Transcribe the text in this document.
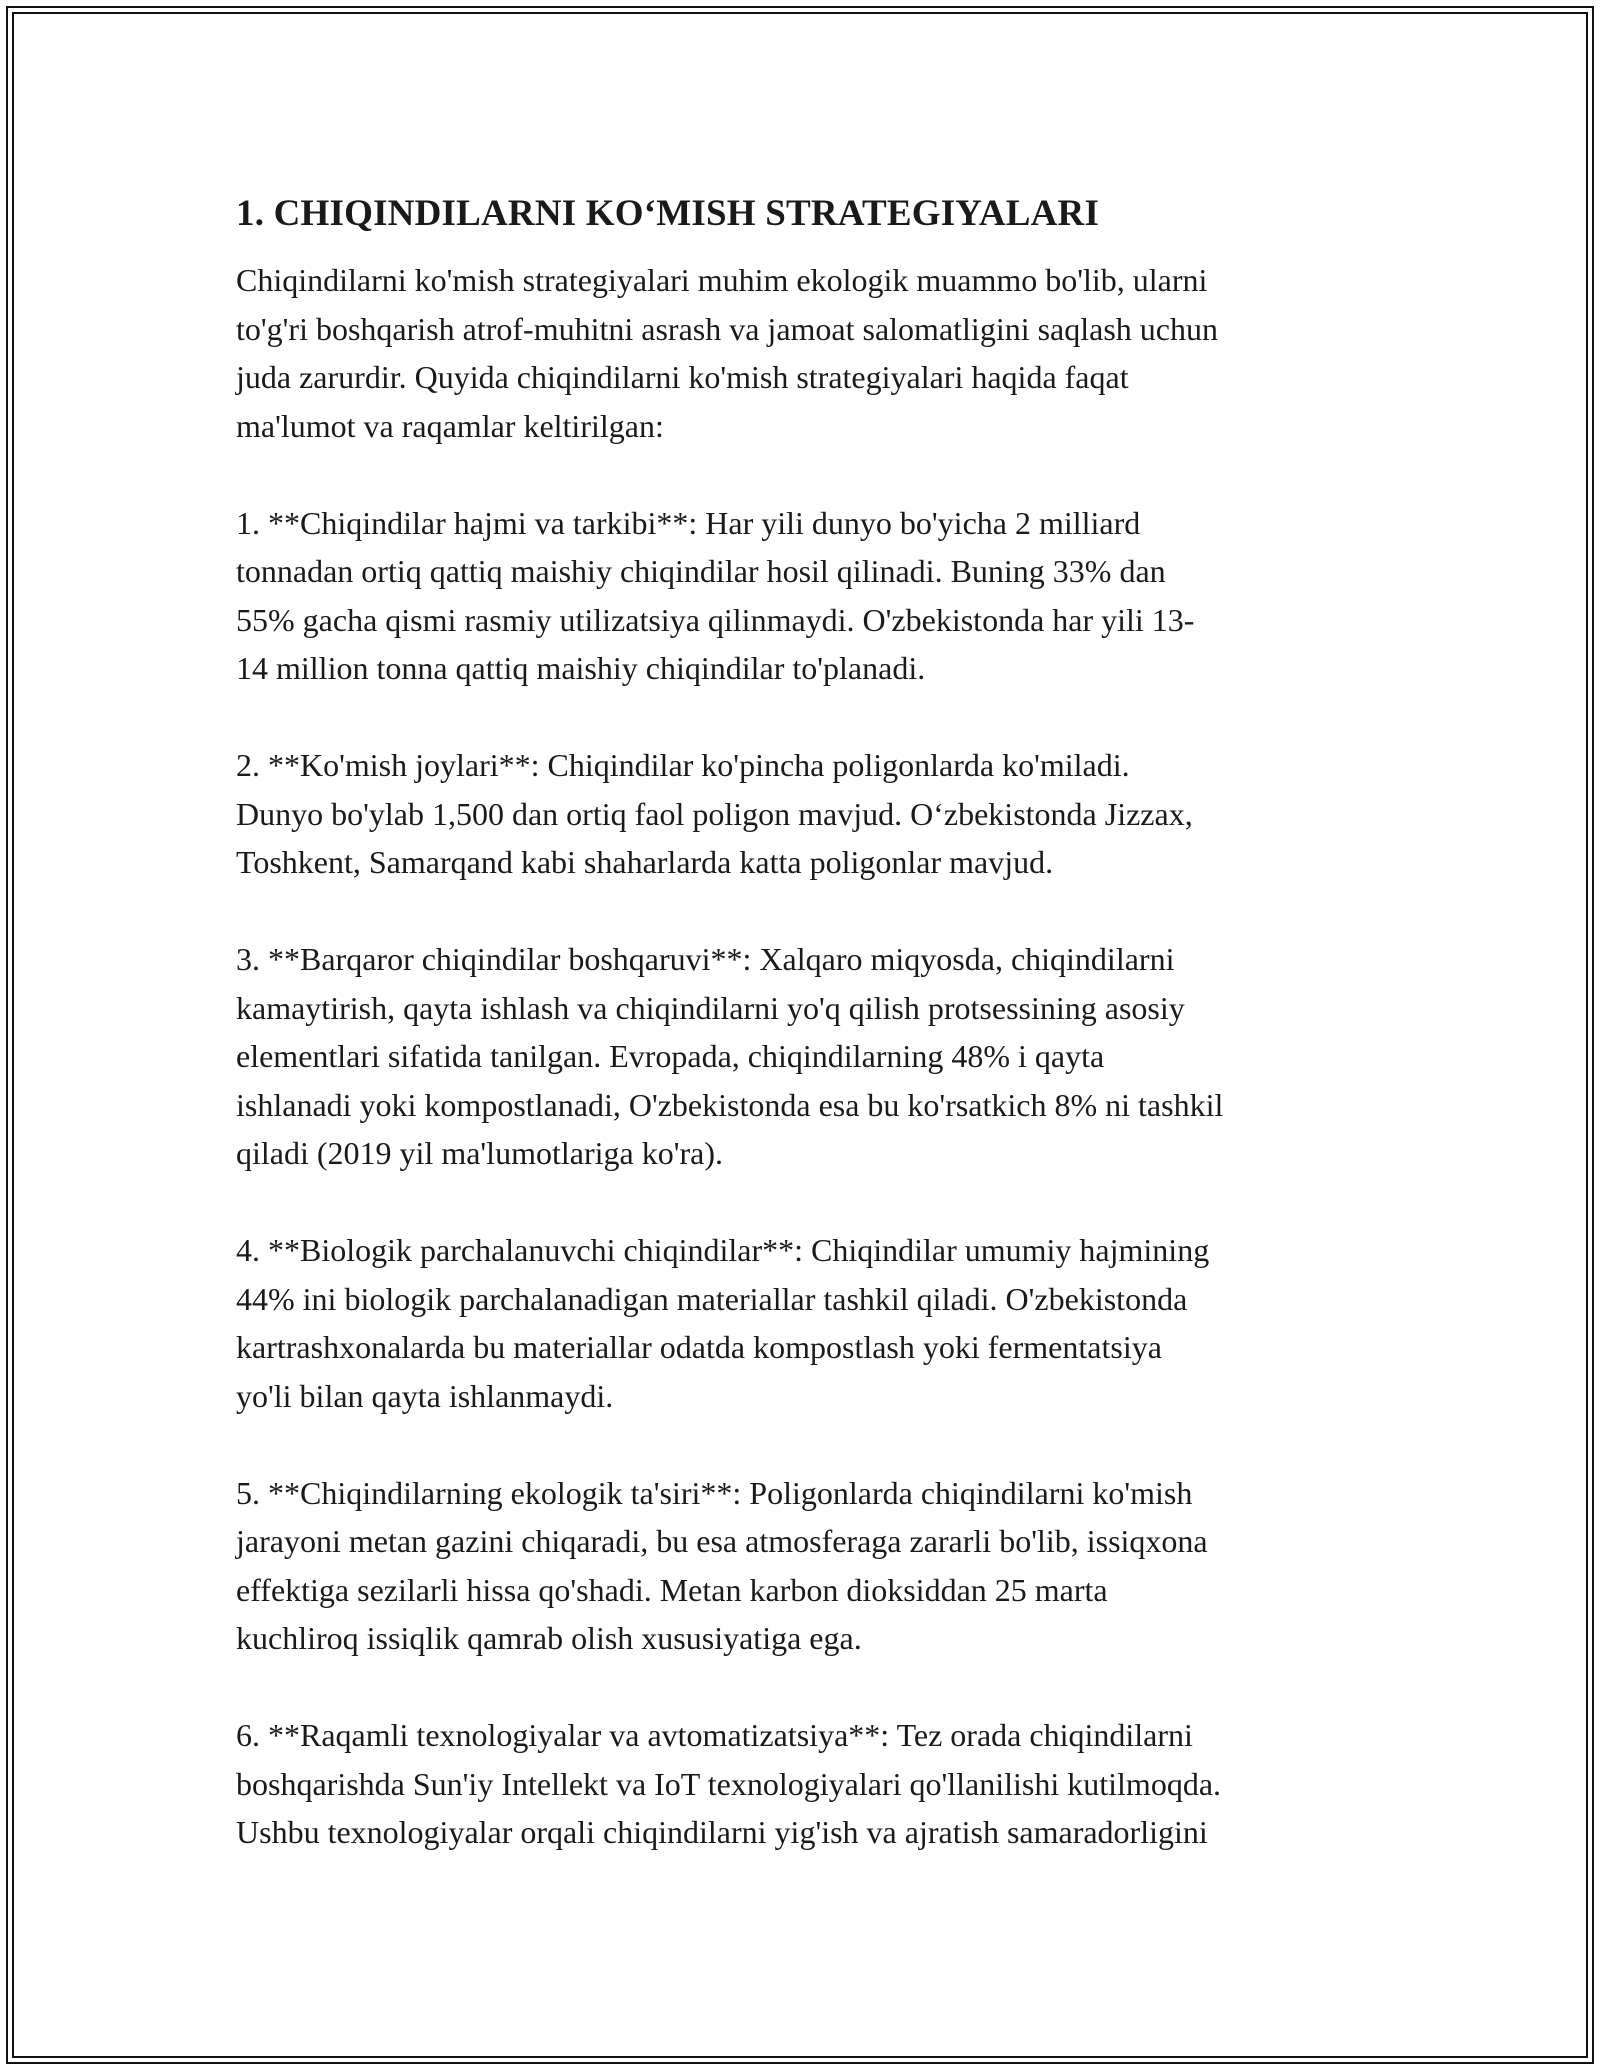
1. CHIQINDILARNI KO‘MISH STRATEGIYALARI

Chiqindilarni ko'mish strategiyalari muhim ekologik muammo bo'lib, ularni
to'g'ri boshqarish atrof-muhitni asrash va jamoat salomatligini saqlash uchun
juda zarurdir. Quyida chiqindilarni ko'mish strategiyalari haqida faqat
ma'lumot va raqamlar keltirilgan:

1. **Chiqindilar hajmi va tarkibi**: Har yili dunyo bo'yicha 2 milliard
tonnadan ortiq qattiq maishiy chiqindilar hosil qilinadi. Buning 33% dan
55% gacha qismi rasmiy utilizatsiya qilinmaydi. O'zbekistonda har yili 13-
14 million tonna qattiq maishiy chiqindilar to'planadi.

2. **Ko'mish joylari**: Chiqindilar ko'pincha poligonlarda ko'miladi.
Dunyo bo'ylab 1,500 dan ortiq faol poligon mavjud. O‘zbekistonda Jizzax,
Toshkent, Samarqand kabi shaharlarda katta poligonlar mavjud.

3. **Barqaror chiqindilar boshqaruvi**: Xalqaro miqyosda, chiqindilarni
kamaytirish, qayta ishlash va chiqindilarni yo'q qilish protsessining asosiy
elementlari sifatida tanilgan. Evropada, chiqindilarning 48% i qayta
ishlanadi yoki kompostlanadi, O'zbekistonda esa bu ko'rsatkich 8% ni tashkil
qiladi (2019 yil ma'lumotlariga ko'ra).

4. **Biologik parchalanuvchi chiqindilar**: Chiqindilar umumiy hajmining
44% ini biologik parchalanadigan materiallar tashkil qiladi. O'zbekistonda
kartrashxonalarda bu materiallar odatda kompostlash yoki fermentatsiya
yo'li bilan qayta ishlanmaydi.

5. **Chiqindilarning ekologik ta'siri**: Poligonlarda chiqindilarni ko'mish
jarayoni metan gazini chiqaradi, bu esa atmosferaga zararli bo'lib, issiqxona
effektiga sezilarli hissa qo'shadi. Metan karbon dioksiddan 25 marta
kuchliroq issiqlik qamrab olish xususiyatiga ega.

6. **Raqamli texnologiyalar va avtomatizatsiya**: Tez orada chiqindilarni
boshqarishda Sun'iy Intellekt va IoT texnologiyalari qo'llanilishi kutilmoqda.
Ushbu texnologiyalar orqali chiqindilarni yig'ish va ajratish samaradorligini
